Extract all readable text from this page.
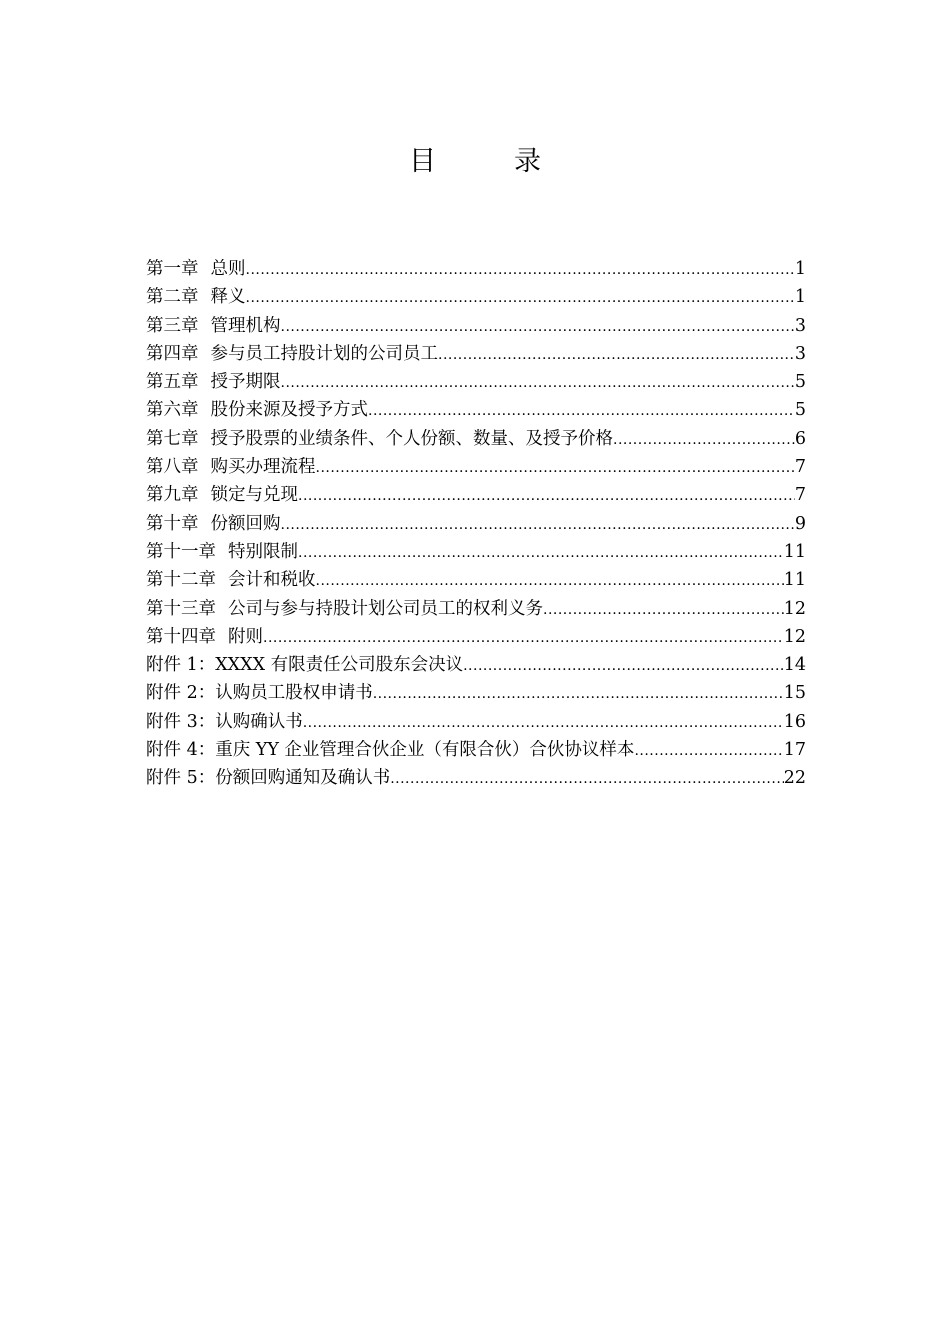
目	录
第一章 总则 .....	1
第二章 释义 .....	1
第三章 管理机构 .....	3
第四章 参与员工持股计划的公司员工 .....	3
第五章 授予期限 .....	5
第六章 股份来源及授予方式 .....	5
第七章 授予股票的业绩条件、个人份额、数量、及授予价格 .....	6
第八章 购买办理流程 .....	7
第九章 锁定与兑现 .....	7
第十章 份额回购 .....	9
第十一章 特别限制 .....	11
第十二章 会计和税收 .....	11
第十三章 公司与参与持股计划公司员工的权利义务 .....	12
第十四章 附则 .....	12
附件 1：XXXX 有限责任公司股东会决议 .....	14
附件 2：认购员工股权申请书 .....	15
附件 3：认购确认书 .....	16
附件 4：重庆 YY 企业管理合伙企业（有限合伙）合伙协议样本 .....	17
附件 5：份额回购通知及确认书 .....	22
